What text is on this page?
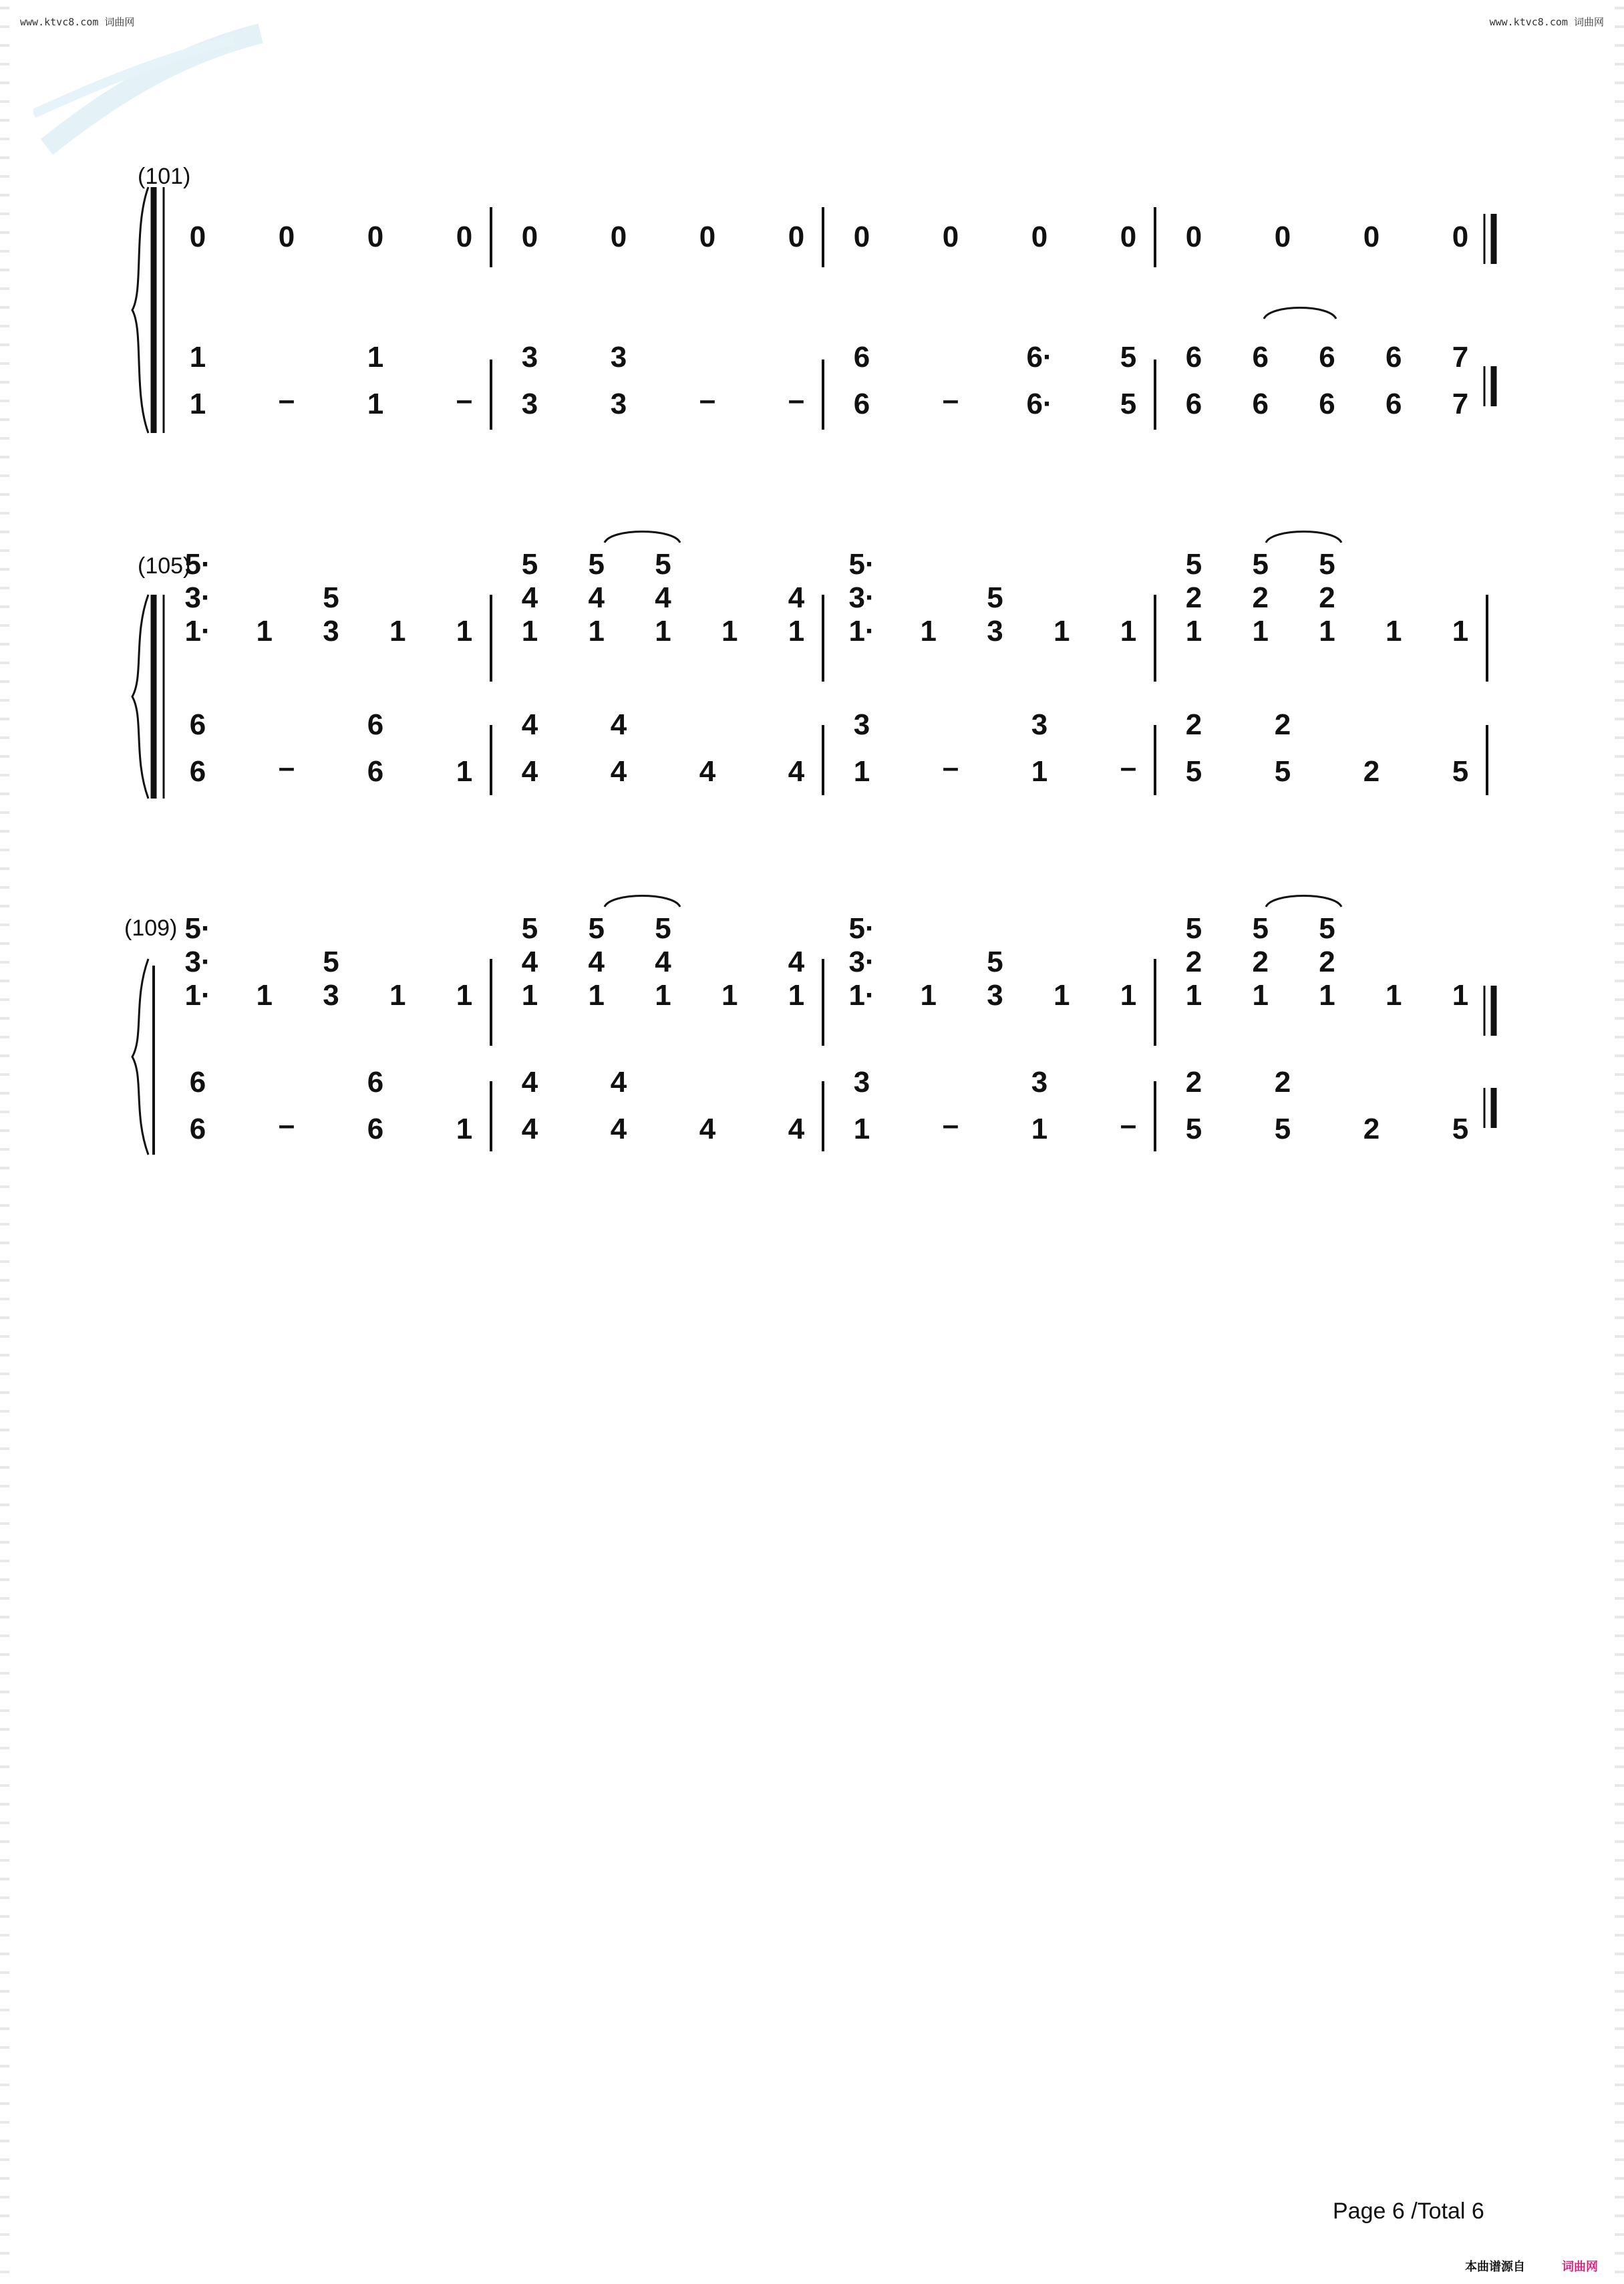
www.ktvc8.com 词曲网	www.ktvc8.com 词曲网
(101)
0 0 0 0 0 0 0 0 0 0 0 0 0 0 0 0
1
1 –
1
1 –
3
3
3
3 – –
6
6 –
6·
6·
5
5
6
6
6
6
6
6
6
6
7
7
(105)
5·
3·
1· 1
5
3 1 1
5
4
1
5
4
1
5
4
1 1
4
1
5·
3·
1· 1
5
3 1 1
5
2
1
5
2
1
5
2
1 1 1
6
6 –
6
6 1
4
4
4
4 4 4
3
1 –
3
1 –
2
5
2
5 2 5
(109) 5·
3·
1· 1
5
3 1 1
5
4
1
5
4
1
5
4
1 1
4
1
5·
3·
1· 1
5
3 1 1
5
2
1
5
2
1
5
2
1 1 1
6
6 –
6
6 1
4
4
4
4 4 4
3
1 –
3
1 –
2
5
2
5 2 5
Page 6 /Total 6
本曲谱源自	词曲网
